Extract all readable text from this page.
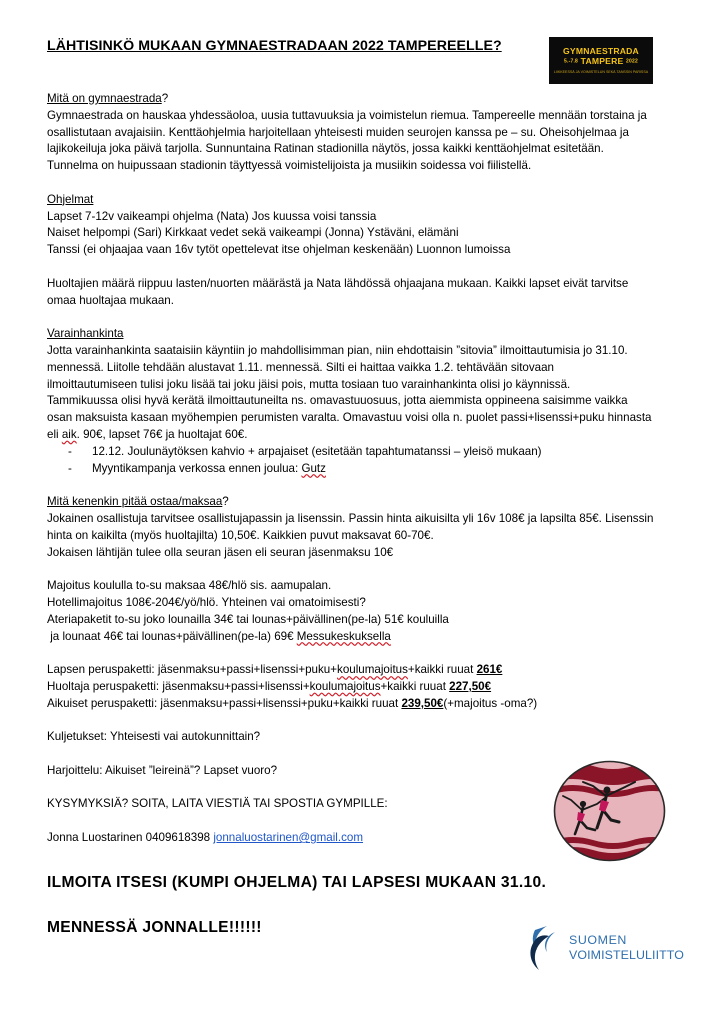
LÄHTISINKÖ MUKAAN GYMNAESTRADAAN 2022 TAMPEREELLE?	GYMNAESTRADA
5.-7.8 TAMPERE 2022
LIIKKEESSÄ JA VOIMISTELUN SEKÄ TANSSIN PARISSA

Mitä on gymnaestrada?

Gymnaestrada on hauskaa yhdessäoloa, uusia tuttavuuksia ja voimistelun riemua. Tampereelle mennään torstaina ja

osallistutaan avajaisiin. Kenttäohjelmia harjoitellaan yhteisesti muiden seurojen kanssa pe – su. Oheisohjelmaa ja

lajikokeiluja joka päivä tarjolla. Sunnuntaina Ratinan stadionilla näytös, jossa kaikki kenttäohjelmat esitetään.

Tunnelma on huipussaan stadionin täyttyessä voimistelijoista ja musiikin soidessa voi fiilistellä.

Ohjelmat

Lapset 7-12v vaikeampi ohjelma (Nata) Jos kuussa voisi tanssia

Naiset helpompi (Sari) Kirkkaat vedet sekä vaikeampi (Jonna) Ystäväni, elämäni

Tanssi (ei ohjaajaa vaan 16v tytöt opettelevat itse ohjelman keskenään) Luonnon lumoissa

Huoltajien määrä riippuu lasten/nuorten määrästä ja Nata lähdössä ohjaajana mukaan. Kaikki lapset eivät tarvitse

omaa huoltajaa mukaan.

Varainhankinta

Jotta varainhankinta saataisiin käyntiin jo mahdollisimman pian, niin ehdottaisin ”sitovia” ilmoittautumisia jo 31.10.

mennessä. Liitolle tehdään alustavat 1.11. mennessä. Silti ei haittaa vaikka 1.2. tehtävään sitovaan

ilmoittautumiseen tulisi joku lisää tai joku jäisi pois, mutta tosiaan tuo varainhankinta olisi jo käynnissä.

Tammikuussa olisi hyvä kerätä ilmoittautuneilta ns. omavastuuosuus, jotta aiemmista oppineena saisimme vaikka

osan maksuista kasaan myöhempien perumisten varalta. Omavastuu voisi olla n. puolet passi+lisenssi+puku hinnasta

eli aik. 90€, lapset 76€ ja huoltajat 60€.

-	12.12. Joulunäytöksen kahvio + arpajaiset (esitetään tapahtumatanssi – yleisö mukaan)
-	Myyntikampanja verkossa ennen joulua: Gutz

Mitä kenenkin pitää ostaa/maksaa?

Jokainen osallistuja tarvitsee osallistujapassin ja lisenssin. Passin hinta aikuisilta yli 16v 108€ ja lapsilta 85€. Lisenssin

hinta on kaikilta (myös huoltajilta) 10,50€. Kaikkien puvut maksavat 60-70€.

Jokaisen lähtijän tulee olla seuran jäsen eli seuran jäsenmaksu 10€

Majoitus koululla to-su maksaa 48€/hlö sis. aamupalan.

Hotellimajoitus 108€-204€/yö/hlö. Yhteinen vai omatoimisesti?

Ateriapaketit to-su joko lounailla 34€ tai lounas+päivällinen(pe-la) 51€ kouluilla

ja lounaat 46€ tai lounas+päivällinen(pe-la) 69€ Messukeskuksella

Lapsen peruspaketti: jäsenmaksu+passi+lisenssi+puku+koulumajoitus+kaikki ruuat 261€

Huoltaja peruspaketti: jäsenmaksu+passi+lisenssi+koulumajoitus+kaikki ruuat 227,50€

Aikuiset peruspaketti: jäsenmaksu+passi+lisenssi+puku+kaikki ruuat 239,50€(+majoitus -oma?)

Kuljetukset: Yhteisesti vai autokunnittain?

Harjoittelu: Aikuiset ”leireinä”? Lapset vuoro?

KYSYMYKSIÄ? SOITA, LAITA VIESTIÄ TAI SPOSTIA GYMPILLE:

Jonna Luostarinen 0409618398 jonnaluostarinen@gmail.com

ILMOITA ITSESI (KUMPI OHJELMA) TAI LAPSESI MUKAAN 31.10.
MENNESSÄ JONNALLE!!!!!!
SUOMEN
VOIMISTELULIITTO
